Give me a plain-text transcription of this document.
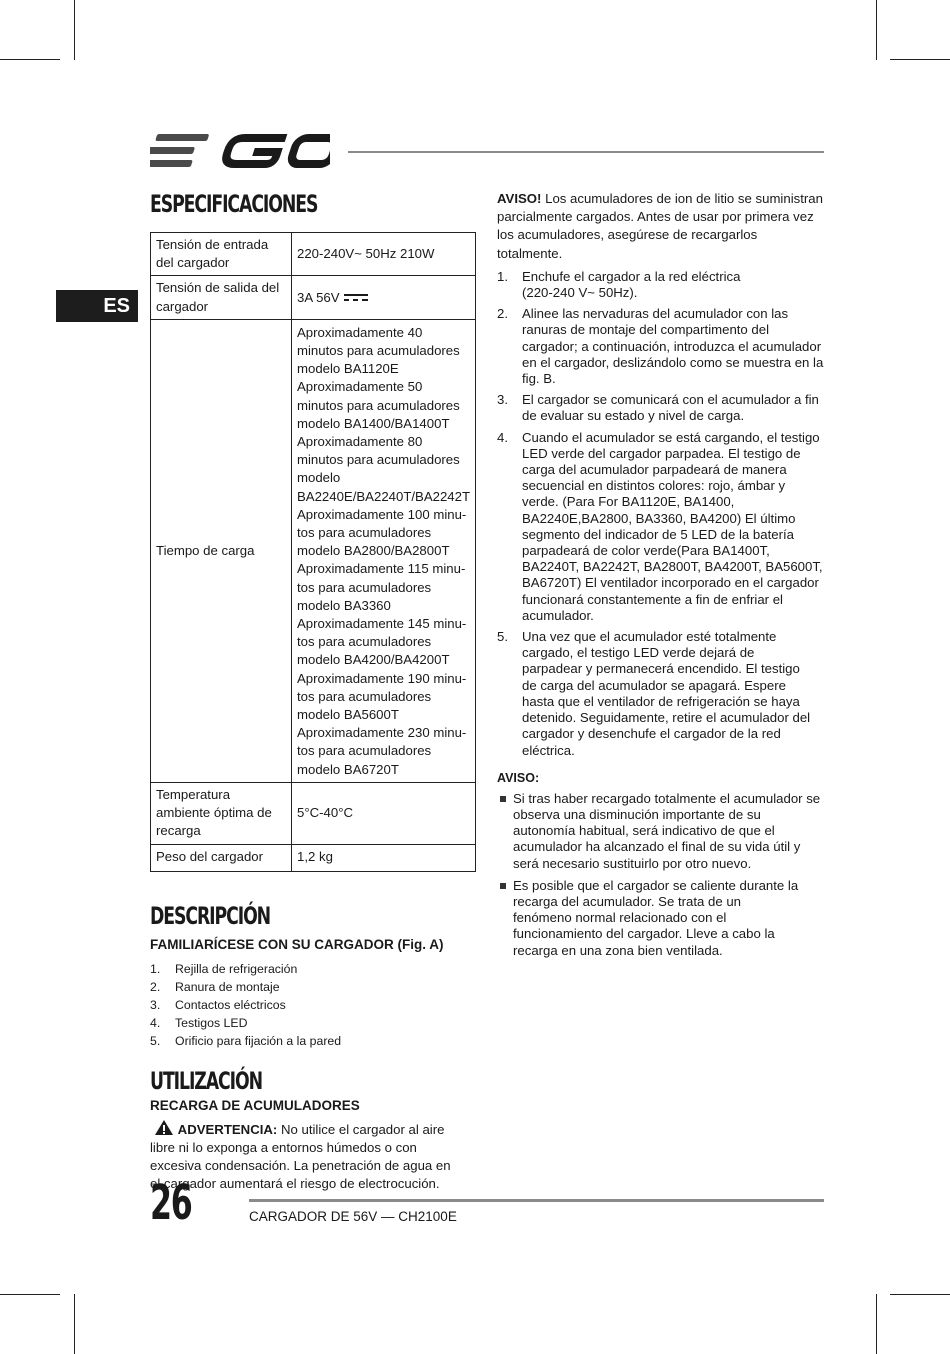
ES
ESPECIFICACIONES
Tensión de entrada del cargador	220-240V~ 50Hz 210W
Tensión de salida del cargador	3A 56V
Tiempo de carga	Aproximadamente 40 minutos para acumuladores modelo BA1120E Aproximadamente 50 minutos para acumuladores modelo BA1400/BA1400T Aproximadamente 80 minutos para acumuladores modelo BA2240E/BA2240T/BA2242T Aproximadamente 100 minu-tos para acumuladores modelo BA2800/BA2800T Aproximadamente 115 minu-tos para acumuladores modelo BA3360 Aproximadamente 145 minu-tos para acumuladores modelo BA4200/BA4200T Aproximadamente 190 minu-tos para acumuladores modelo BA5600T Aproximadamente 230 minu-tos para acumuladores modelo BA6720T
Temperatura ambiente óptima de recarga	5°C-40°C
Peso del cargador	1,2 kg
DESCRIPCIÓN
FAMILIARÍCESE CON SU CARGADOR (Fig. A)
1.	Rejilla de refrigeración
2.	Ranura de montaje
3.	Contactos eléctricos
4.	Testigos LED
5.	Orificio para fijación a la pared
UTILIZACIÓN
RECARGA DE ACUMULADORES
ADVERTENCIA: No utilice el cargador al aire libre ni lo exponga a entornos húmedos o con excesiva condensación. La penetración de agua en el cargador aumentará el riesgo de electrocución.
AVISO! Los acumuladores de ion de litio se suministran parcialmente cargados. Antes de usar por primera vez los acumuladores, asegúrese de recargarlos totalmente.
1.	Enchufe el cargador a la red eléctrica (220-240 V~ 50Hz).
2.	Alinee las nervaduras del acumulador con las ranuras de montaje del compartimento del cargador; a continuación, introduzca el acumulador en el cargador, deslizándolo como se muestra en la fig. B.
3.	El cargador se comunicará con el acumulador a fin de evaluar su estado y nivel de carga.
4.	Cuando el acumulador se está cargando, el testigo LED verde del cargador parpadea. El testigo de carga del acumulador parpadeará de manera secuencial en distintos colores: rojo, ámbar y verde. (Para For BA1120E, BA1400, BA2240E,BA2800, BA3360, BA4200) El último segmento del indicador de 5 LED de la batería parpadeará de color verde(Para BA1400T, BA2240T, BA2242T, BA2800T, BA4200T, BA5600T, BA6720T) El ventilador incorporado en el cargador funcionará constantemente a fin de enfriar el acumulador.
5.	Una vez que el acumulador esté totalmente cargado, el testigo LED verde dejará de parpadear y permanecerá encendido. El testigo de carga del acumulador se apagará. Espere hasta que el ventilador de refrigeración se haya detenido. Seguidamente, retire el acumulador del cargador y desenchufe el cargador de la red eléctrica.
AVISO:
Si tras haber recargado totalmente el acumulador se observa una disminución importante de su autonomía habitual, será indicativo de que el acumulador ha alcanzado el final de su vida útil y será necesario sustituirlo por otro nuevo.
Es posible que el cargador se caliente durante la recarga del acumulador. Se trata de un fenómeno normal relacionado con el funcionamiento del cargador. Lleve a cabo la recarga en una zona bien ventilada.
26	CARGADOR DE 56V — CH2100E
